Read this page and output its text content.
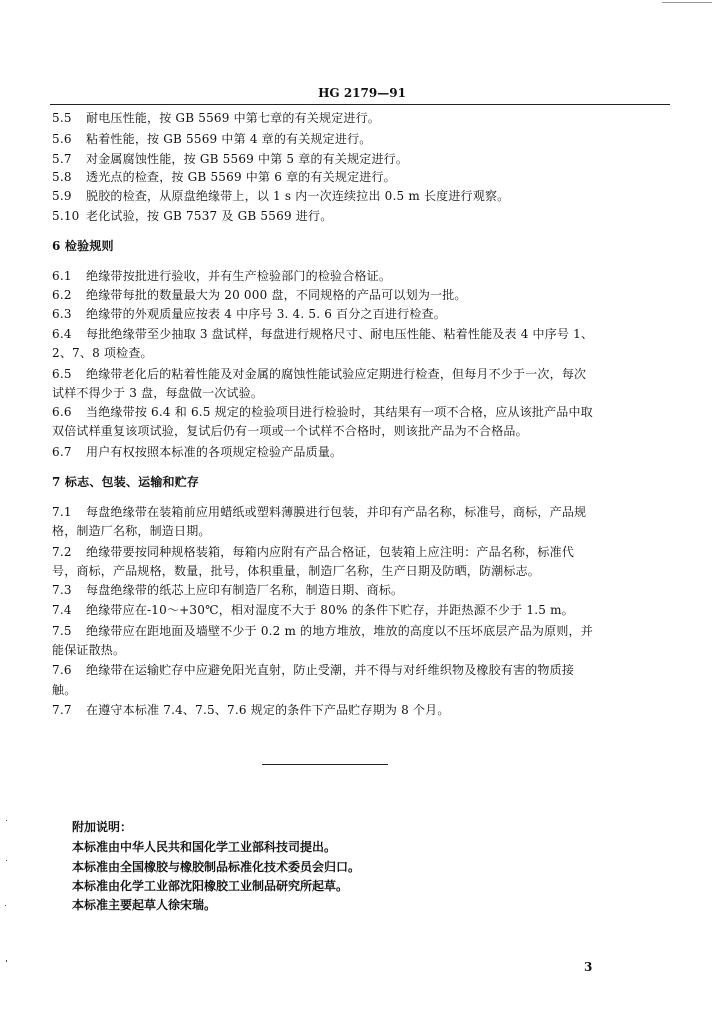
HG 2179—91
5.5 耐电压性能，按 GB 5569 中第七章的有关规定进行。
5.6 粘着性能，按 GB 5569 中第 4 章的有关规定进行。
5.7 对金属腐蚀性能，按 GB 5569 中第 5 章的有关规定进行。
5.8 透光点的检查，按 GB 5569 中第 6 章的有关规定进行。
5.9 脱胶的检查，从原盘绝缘带上，以 1 s 内一次连续拉出 0.5 m 长度进行观察。
5.10 老化试验，按 GB 7537 及 GB 5569 进行。
6 检验规则
6.1 绝缘带按批进行验收，并有生产检验部门的检验合格证。
6.2 绝缘带每批的数量最大为 20 000 盘，不同规格的产品可以划为一批。
6.3 绝缘带的外观质量应按表 4 中序号 3. 4. 5. 6 百分之百进行检查。
6.4 每批绝缘带至少抽取 3 盘试样，每盘进行规格尺寸、耐电压性能、粘着性能及表 4 中序号 1、
2、7、8 项检查。
6.5 绝缘带老化后的粘着性能及对金属的腐蚀性能试验应定期进行检查，但每月不少于一次，每次
试样不得少于 3 盘，每盘做一次试验。
6.6 当绝缘带按 6.4 和 6.5 规定的检验项目进行检验时，其结果有一项不合格，应从该批产品中取
双倍试样重复该项试验，复试后仍有一项或一个试样不合格时，则该批产品为不合格品。
6.7 用户有权按照本标准的各项规定检验产品质量。
7 标志、包装、运输和贮存
7.1 每盘绝缘带在装箱前应用蜡纸或塑料薄膜进行包装，并印有产品名称，标准号，商标，产品规
格，制造厂名称，制造日期。
7.2 绝缘带要按同种规格装箱，每箱内应附有产品合格证，包装箱上应注明：产品名称，标准代
号，商标，产品规格，数量，批号，体积重量，制造厂名称，生产日期及防晒，防潮标志。
7.3 每盘绝缘带的纸芯上应印有制造厂名称，制造日期、商标。
7.4 绝缘带应在-10～+30℃，相对湿度不大于 80% 的条件下贮存，并距热源不少于 1.5 m。
7.5 绝缘带应在距地面及墙壁不少于 0.2 m 的地方堆放，堆放的高度以不压坏底层产品为原则，并
能保证散热。
7.6 绝缘带在运输贮存中应避免阳光直射，防止受潮，并不得与对纤维织物及橡胶有害的物质接
触。
7.7 在遵守本标准 7.4、7.5、7.6 规定的条件下产品贮存期为 8 个月。
附加说明：
本标准由中华人民共和国化学工业部科技司提出。
本标准由全国橡胶与橡胶制品标准化技术委员会归口。
本标准由化学工业部沈阳橡胶工业制品研究所起草。
本标准主要起草人徐宋瑞。
3
